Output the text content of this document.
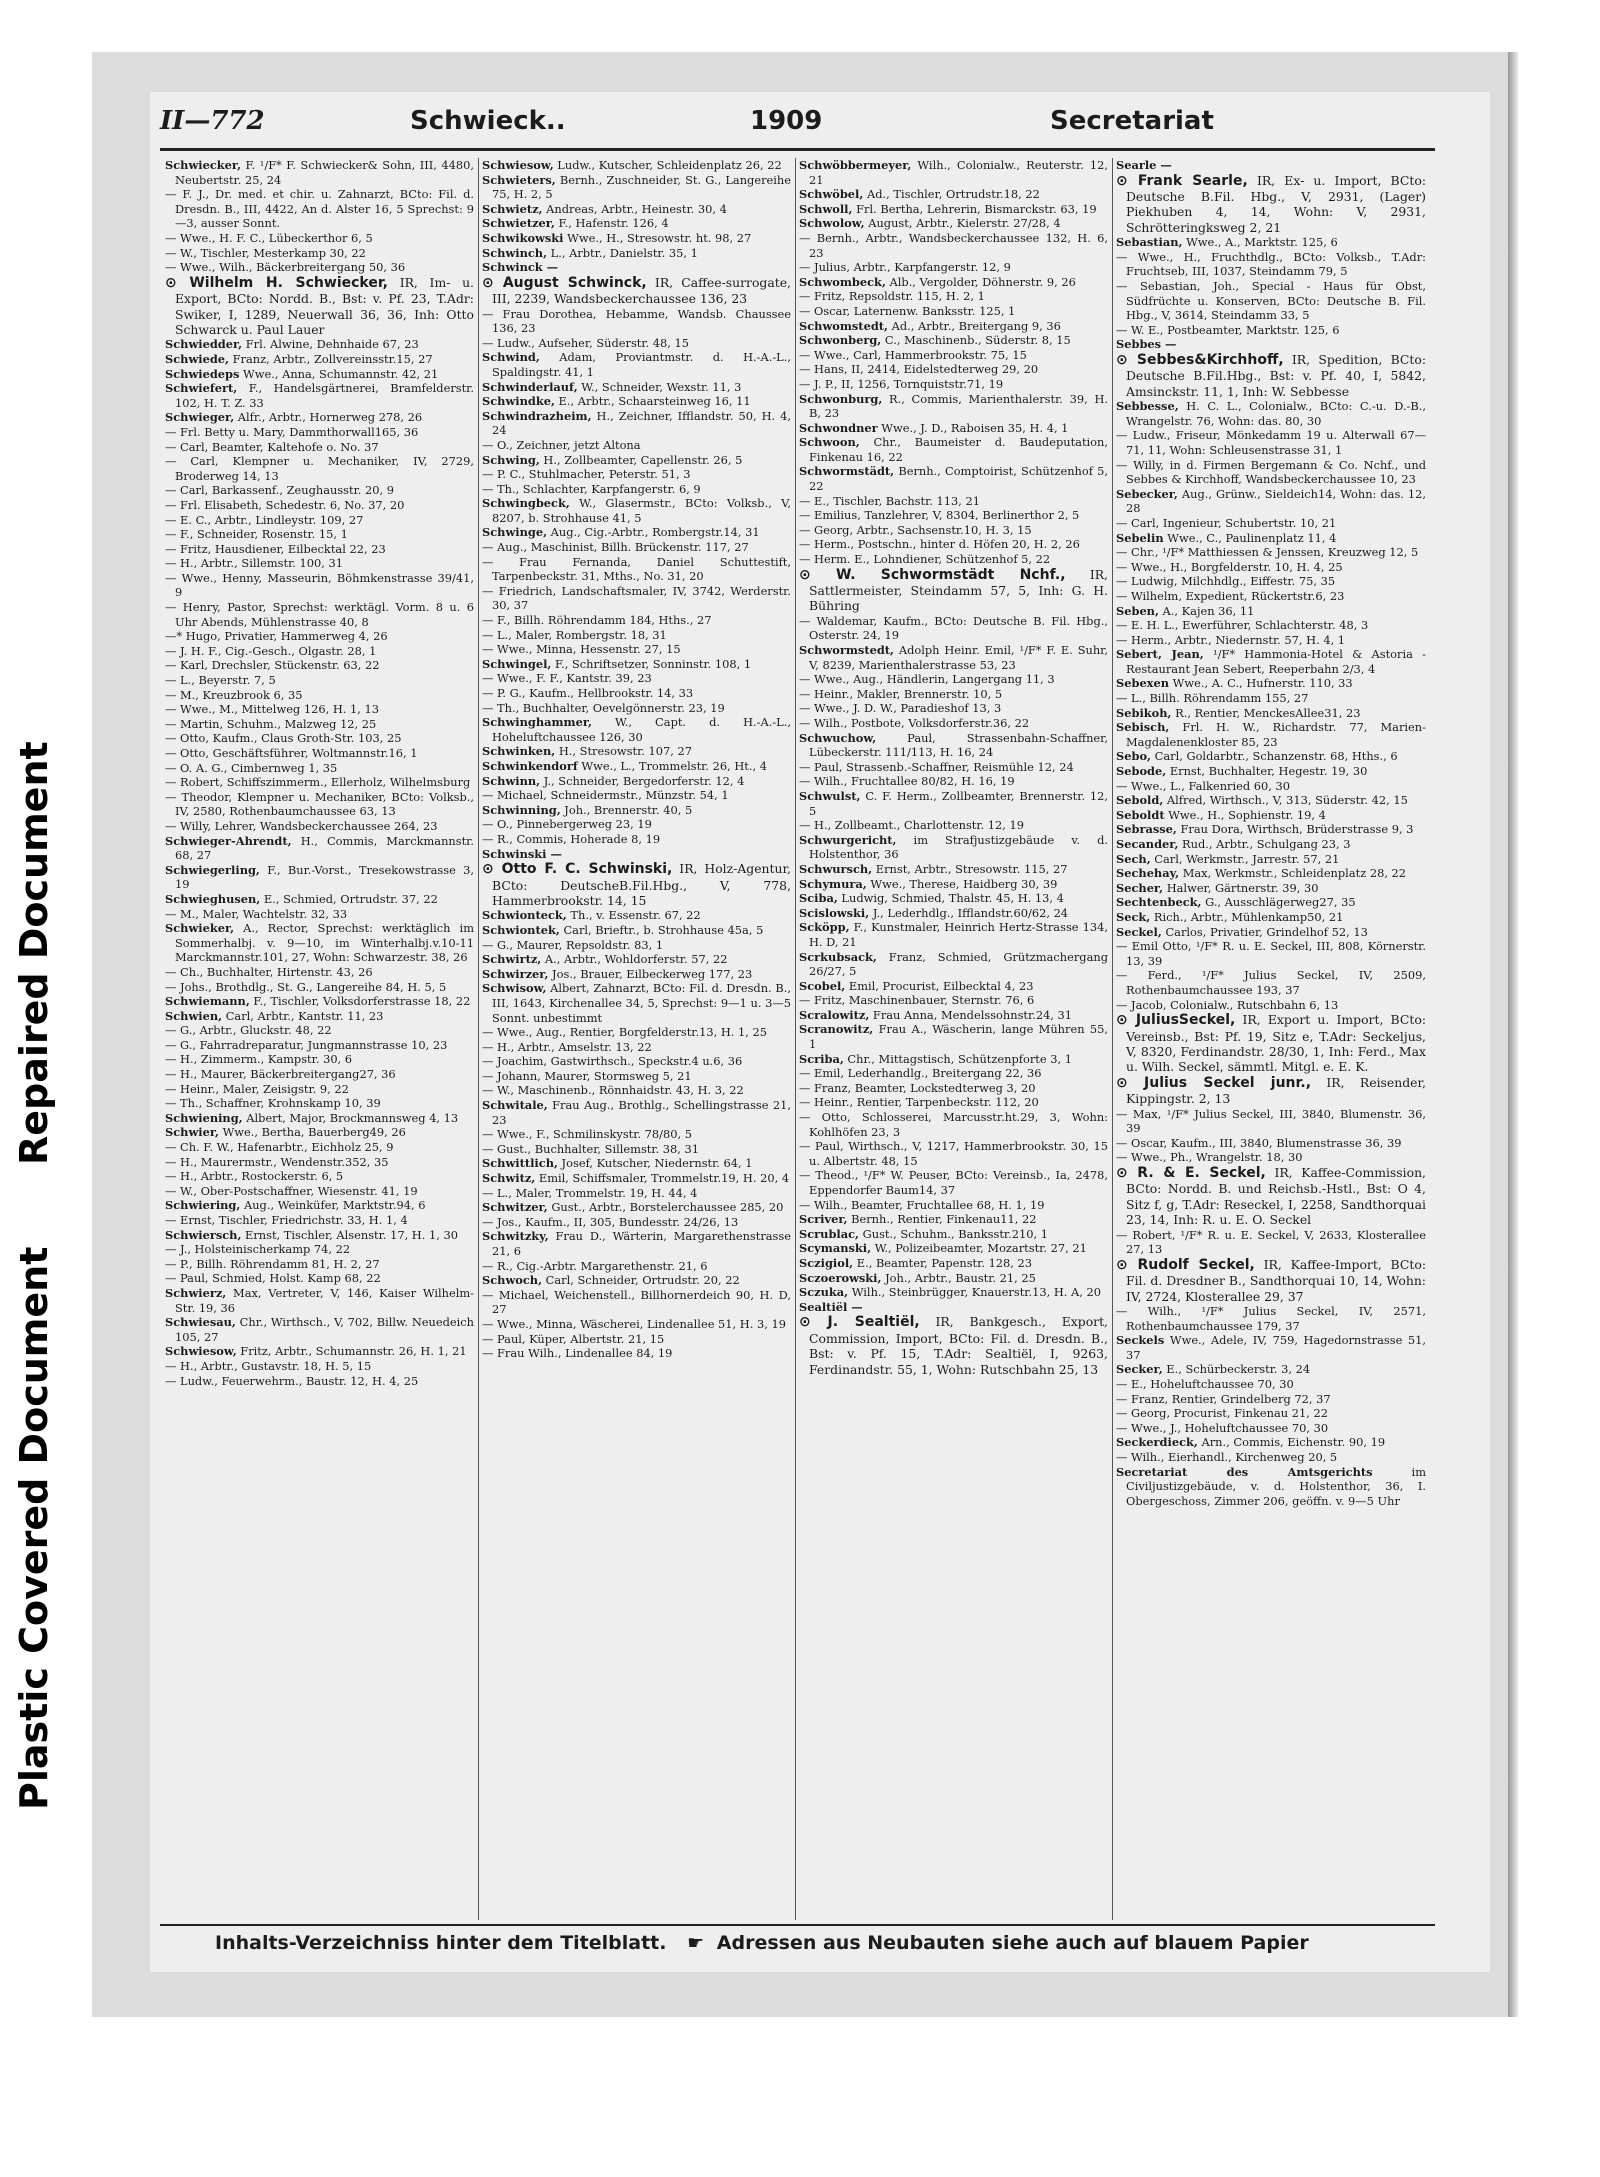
Repaired Document
Plastic Covered Document
II—772	Schwieck..	1909	Secretariat

Schwiecker, F. ¹/F* F. Schwiecker& Sohn, III, 4480, Neubertstr. 25, 24

— F. J., Dr. med. et chir. u. Zahnarzt, BCto: Fil. d. Dresdn. B., III, 4422, An d. Alster 16, 5 Sprechst: 9—3, ausser Sonnt.

— Wwe., H. F. C., Lübeckerthor 6, 5

— W., Tischler, Mesterkamp 30, 22

— Wwe., Wilh., Bäckerbreitergang 50, 36

⊙ Wilhelm H. Schwiecker, IR, Im- u. Export, BCto: Nordd. B., Bst: v. Pf. 23, T.Adr: Swiker, I, 1289, Neuerwall 36, 36, Inh: Otto Schwarck u. Paul Lauer

Schwiedder, Frl. Alwine, Dehnhaide 67, 23

Schwiede, Franz, Arbtr., Zollvereinsstr.15, 27

Schwiedeps Wwe., Anna, Schumannstr. 42, 21

Schwiefert, F., Handelsgärtnerei, Bramfelderstr. 102, H. T. Z. 33

Schwieger, Alfr., Arbtr., Hornerweg 278, 26

— Frl. Betty u. Mary, Dammthorwall165, 36

— Carl, Beamter, Kaltehofe o. No. 37

— Carl, Klempner u. Mechaniker, IV, 2729, Broderweg 14, 13

— Carl, Barkassenf., Zeughausstr. 20, 9

— Frl. Elisabeth, Schedestr. 6, No. 37, 20

— E. C., Arbtr., Lindleystr. 109, 27

— F., Schneider, Rosenstr. 15, 1

— Fritz, Hausdiener, Eilbecktal 22, 23

— H., Arbtr., Sillemstr. 100, 31

— Wwe., Henny, Masseurin, Böhmkenstrasse 39/41, 9

— Henry, Pastor, Sprechst: werktägl. Vorm. 8 u. 6 Uhr Abends, Mühlenstrasse 40, 8

—* Hugo, Privatier, Hammerweg 4, 26

— J. H. F., Cig.-Gesch., Olgastr. 28, 1

— Karl, Drechsler, Stückenstr. 63, 22

— L., Beyerstr. 7, 5

— M., Kreuzbrook 6, 35

— Wwe., M., Mittelweg 126, H. 1, 13

— Martin, Schuhm., Malzweg 12, 25

— Otto, Kaufm., Claus Groth-Str. 103, 25

— Otto, Geschäftsführer, Woltmannstr.16, 1

— O. A. G., Cimbernweg 1, 35

— Robert, Schiffszimmerm., Ellerholz, Wilhelmsburg

— Theodor, Klempner u. Mechaniker, BCto: Volksb., IV, 2580, Rothenbaumchaussee 63, 13

— Willy, Lehrer, Wandsbeckerchaussee 264, 23

Schwieger-Ahrendt, H., Commis, Marckmannstr. 68, 27

Schwiegerling, F., Bur.-Vorst., Tresekowstrasse 3, 19

Schwieghusen, E., Schmied, Ortrudstr. 37, 22

— M., Maler, Wachtelstr. 32, 33

Schwieker, A., Rector, Sprechst: werktäglich im Sommerhalbj. v. 9—10, im Winterhalbj.v.10-11 Marckmannstr.101, 27, Wohn: Schwarzestr. 38, 26

— Ch., Buchhalter, Hirtenstr. 43, 26

— Johs., Brothdlg., St. G., Langereihe 84, H. 5, 5

Schwiemann, F., Tischler, Volksdorferstrasse 18, 22

Schwien, Carl, Arbtr., Kantstr. 11, 23

— G., Arbtr., Gluckstr. 48, 22

— G., Fahrradreparatur, Jungmannstrasse 10, 23

— H., Zimmerm., Kampstr. 30, 6

— H., Maurer, Bäckerbreitergang27, 36

— Heinr., Maler, Zeisigstr. 9, 22

— Th., Schaffner, Krohnskamp 10, 39

Schwiening, Albert, Major, Brockmannsweg 4, 13

Schwier, Wwe., Bertha, Bauerberg49, 26

— Ch. F. W., Hafenarbtr., Eichholz 25, 9

— H., Maurermstr., Wendenstr.352, 35

— H., Arbtr., Rostockerstr. 6, 5

— W., Ober-Postschaffner, Wiesenstr. 41, 19

Schwiering, Aug., Weinküfer, Marktstr.94, 6

— Ernst, Tischler, Friedrichstr. 33, H. 1, 4

Schwiersch, Ernst, Tischler, Alsenstr. 17, H. 1, 30

— J., Holsteinischerkamp 74, 22

— P., Billh. Röhrendamm 81, H. 2, 27

— Paul, Schmied, Holst. Kamp 68, 22

Schwierz, Max, Vertreter, V, 146, Kaiser Wilhelm-Str. 19, 36

Schwiesau, Chr., Wirthsch., V, 702, Billw. Neuedeich 105, 27

Schwiesow, Fritz, Arbtr., Schumannstr. 26, H. 1, 21

— H., Arbtr., Gustavstr. 18, H. 5, 15

— Ludw., Feuerwehrm., Baustr. 12, H. 4, 25

Schwiesow, Ludw., Kutscher, Schleidenplatz 26, 22

Schwieters, Bernh., Zuschneider, St. G., Langereihe 75, H. 2, 5

Schwietz, Andreas, Arbtr., Heinestr. 30, 4

Schwietzer, F., Hafenstr. 126, 4

Schwikowski Wwe., H., Stresowstr. ht. 98, 27

Schwinch, L., Arbtr., Danielstr. 35, 1

Schwinck —

⊙ August Schwinck, IR, Caffee-surrogate, III, 2239, Wandsbeckerchaussee 136, 23

— Frau Dorothea, Hebamme, Wandsb. Chaussee 136, 23

— Ludw., Aufseher, Süderstr. 48, 15

Schwind, Adam, Proviantmstr. d. H.-A.-L., Spaldingstr. 41, 1

Schwinderlauf, W., Schneider, Wexstr. 11, 3

Schwindke, E., Arbtr., Schaarsteinweg 16, 11

Schwindrazheim, H., Zeichner, Ifflandstr. 50, H. 4, 24

— O., Zeichner, jetzt Altona

Schwing, H., Zollbeamter, Capellenstr. 26, 5

— P. C., Stuhlmacher, Peterstr. 51, 3

— Th., Schlachter, Karpfangerstr. 6, 9

Schwingbeck, W., Glasermstr., BCto: Volksb., V, 8207, b. Strohhause 41, 5

Schwinge, Aug., Cig.-Arbtr., Rombergstr.14, 31

— Aug., Maschinist, Billh. Brückenstr. 117, 27

— Frau Fernanda, Daniel Schuttestift, Tarpenbeckstr. 31, Mths., No. 31, 20

— Friedrich, Landschaftsmaler, IV, 3742, Werderstr. 30, 37

— F., Billh. Röhrendamm 184, Hths., 27

— L., Maler, Rombergstr. 18, 31

— Wwe., Minna, Hessenstr. 27, 15

Schwingel, F., Schriftsetzer, Sonninstr. 108, 1

— Wwe., F. F., Kantstr. 39, 23

— P. G., Kaufm., Hellbrookstr. 14, 33

— Th., Buchhalter, Oevelgönnerstr. 23, 19

Schwinghammer, W., Capt. d. H.-A.-L., Hoheluftchaussee 126, 30

Schwinken, H., Stresowstr. 107, 27

Schwinkendorf Wwe., L., Trommelstr. 26, Ht., 4

Schwinn, J., Schneider, Bergedorferstr. 12, 4

— Michael, Schneidermstr., Münzstr. 54, 1

Schwinning, Joh., Brennerstr. 40, 5

— O., Pinnebergerweg 23, 19

— R., Commis, Hoherade 8, 19

Schwinski —

⊙ Otto F. C. Schwinski, IR, Holz-Agentur, BCto: DeutscheB.Fil.Hbg., V, 778, Hammerbrookstr. 14, 15

Schwionteck, Th., v. Essenstr. 67, 22

Schwiontek, Carl, Brieftr., b. Strohhause 45a, 5

— G., Maurer, Repsoldstr. 83, 1

Schwirtz, A., Arbtr., Wohldorferstr. 57, 22

Schwirzer, Jos., Brauer, Eilbeckerweg 177, 23

Schwisow, Albert, Zahnarzt, BCto: Fil. d. Dresdn. B., III, 1643, Kirchenallee 34, 5, Sprechst: 9—1 u. 3—5 Sonnt. unbestimmt

— Wwe., Aug., Rentier, Borgfelderstr.13, H. 1, 25

— H., Arbtr., Amselstr. 13, 22

— Joachim, Gastwirthsch., Speckstr.4 u.6, 36

— Johann, Maurer, Stormsweg 5, 21

— W., Maschinenb., Rönnhaidstr. 43, H. 3, 22

Schwitale, Frau Aug., Brothlg., Schellingstrasse 21, 23

— Wwe., F., Schmilinskystr. 78/80, 5

— Gust., Buchhalter, Sillemstr. 38, 31

Schwittlich, Josef, Kutscher, Niedernstr. 64, 1

Schwitz, Emil, Schiffsmaler, Trommelstr.19, H. 20, 4

— L., Maler, Trommelstr. 19, H. 44, 4

Schwitzer, Gust., Arbtr., Borstelerchaussee 285, 20

— Jos., Kaufm., II, 305, Bundesstr. 24/26, 13

Schwitzky, Frau D., Wärterin, Margarethenstrasse 21, 6

— R., Cig.-Arbtr. Margarethenstr. 21, 6

Schwoch, Carl, Schneider, Ortrudstr. 20, 22

— Michael, Weichenstell., Billhornerdeich 90, H. D, 27

— Wwe., Minna, Wäscherei, Lindenallee 51, H. 3, 19

— Paul, Küper, Albertstr. 21, 15

— Frau Wilh., Lindenallee 84, 19

Schwöbbermeyer, Wilh., Colonialw., Reuterstr. 12, 21

Schwöbel, Ad., Tischler, Ortrudstr.18, 22

Schwoll, Frl. Bertha, Lehrerin, Bismarckstr. 63, 19

Schwolow, August, Arbtr., Kielerstr. 27/28, 4

— Bernh., Arbtr., Wandsbeckerchaussee 132, H. 6, 23

— Julius, Arbtr., Karpfangerstr. 12, 9

Schwombeck, Alb., Vergolder, Döhnerstr. 9, 26

— Fritz, Repsoldstr. 115, H. 2, 1

— Oscar, Laternenw. Banksstr. 125, 1

Schwomstedt, Ad., Arbtr., Breitergang 9, 36

Schwonberg, C., Maschinenb., Süderstr. 8, 15

— Wwe., Carl, Hammerbrookstr. 75, 15

— Hans, II, 2414, Eidelstedterweg 29, 20

— J. P., II, 1256, Tornquiststr.71, 19

Schwonburg, R., Commis, Marienthalerstr. 39, H. B, 23

Schwondner Wwe., J. D., Raboisen 35, H. 4, 1

Schwoon, Chr., Baumeister d. Baudeputation, Finkenau 16, 22

Schwormstädt, Bernh., Comptoirist, Schützenhof 5, 22

— E., Tischler, Bachstr. 113, 21

— Emilius, Tanzlehrer, V, 8304, Berlinerthor 2, 5

— Georg, Arbtr., Sachsenstr.10, H. 3, 15

— Herm., Postschn., hinter d. Höfen 20, H. 2, 26

— Herm. E., Lohndiener, Schützenhof 5, 22

⊙ W. Schwormstädt Nchf., IR, Sattlermeister, Steindamm 57, 5, Inh: G. H. Bühring

— Waldemar, Kaufm., BCto: Deutsche B. Fil. Hbg., Osterstr. 24, 19

Schwormstedt, Adolph Heinr. Emil, ¹/F* F. E. Suhr, V, 8239, Marienthalerstrasse 53, 23

— Wwe., Aug., Händlerin, Langergang 11, 3

— Heinr., Makler, Brennerstr. 10, 5

— Wwe., J. D. W., Paradieshof 13, 3

— Wilh., Postbote, Volksdorferstr.36, 22

Schwuchow, Paul, Strassenbahn-Schaffner, Lübeckerstr. 111/113, H. 16, 24

— Paul, Strassenb.-Schaffner, Reismühle 12, 24

— Wilh., Fruchtallee 80/82, H. 16, 19

Schwulst, C. F. Herm., Zollbeamter, Brennerstr. 12, 5

— H., Zollbeamt., Charlottenstr. 12, 19

Schwurgericht, im Strafjustizgebäude v. d. Holstenthor, 36

Schwursch, Ernst, Arbtr., Stresowstr. 115, 27

Schymura, Wwe., Therese, Haidberg 30, 39

Sciba, Ludwig, Schmied, Thalstr. 45, H. 13, 4

Scislowski, J., Lederhdlg., Ifflandstr.60/62, 24

Scköpp, F., Kunstmaler, Heinrich Hertz-Strasse 134, H. D, 21

Scrkubsack, Franz, Schmied, Grützmachergang 26/27, 5

Scobel, Emil, Procurist, Eilbecktal 4, 23

— Fritz, Maschinenbauer, Sternstr. 76, 6

Scralowitz, Frau Anna, Mendelssohnstr.24, 31

Scranowitz, Frau A., Wäscherin, lange Mühren 55, 1

Scriba, Chr., Mittagstisch, Schützenpforte 3, 1

— Emil, Lederhandlg., Breitergang 22, 36

— Franz, Beamter, Lockstedterweg 3, 20

— Heinr., Rentier, Tarpenbeckstr. 112, 20

— Otto, Schlosserei, Marcusstr.ht.29, 3, Wohn: Kohlhöfen 23, 3

— Paul, Wirthsch., V, 1217, Hammerbrookstr. 30, 15 u. Albertstr. 48, 15

— Theod., ¹/F* W. Peuser, BCto: Vereinsb., Ia, 2478, Eppendorfer Baum14, 37

— Wilh., Beamter, Fruchtallee 68, H. 1, 19

Scriver, Bernh., Rentier, Finkenau11, 22

Scrublac, Gust., Schuhm., Banksstr.210, 1

Scymanski, W., Polizeibeamter, Mozartstr. 27, 21

Sczigiol, E., Beamter, Papenstr. 128, 23

Sczoerowski, Joh., Arbtr., Baustr. 21, 25

Sczuka, Wilh., Steinbrügger, Knauerstr.13, H. A, 20

Sealtiël —

⊙ J. Sealtiël, IR, Bankgesch., Export, Commission, Import, BCto: Fil. d. Dresdn. B., Bst: v. Pf. 15, T.Adr: Sealtiël, I, 9263, Ferdinandstr. 55, 1, Wohn: Rutschbahn 25, 13

Searle —

⊙ Frank Searle, IR, Ex- u. Import, BCto: Deutsche B.Fil. Hbg., V, 2931, (Lager) Piekhuben 4, 14, Wohn: V, 2931, Schrötteringksweg 2, 21

Sebastian, Wwe., A., Marktstr. 125, 6

— Wwe., H., Fruchthdlg., BCto: Volksb., T.Adr: Fruchtseb, III, 1037, Steindamm 79, 5

— Sebastian, Joh., Special - Haus für Obst, Südfrüchte u. Konserven, BCto: Deutsche B. Fil. Hbg., V, 3614, Steindamm 33, 5

— W. E., Postbeamter, Marktstr. 125, 6

Sebbes —

⊙ Sebbes&Kirchhoff, IR, Spedition, BCto: Deutsche B.Fil.Hbg., Bst: v. Pf. 40, I, 5842, Amsinckstr. 11, 1, Inh: W. Sebbesse

Sebbesse, H. C. L., Colonialw., BCto: C.-u. D.-B., Wrangelstr. 76, Wohn: das. 80, 30

— Ludw., Friseur, Mönkedamm 19 u. Alterwall 67—71, 11, Wohn: Schleusenstrasse 31, 1

— Willy, in d. Firmen Bergemann & Co. Nchf., und Sebbes & Kirchhoff, Wandsbeckerchaussee 10, 23

Sebecker, Aug., Grünw., Sieldeich14, Wohn: das. 12, 28

— Carl, Ingenieur, Schubertstr. 10, 21

Sebelin Wwe., C., Paulinenplatz 11, 4

— Chr., ¹/F* Matthiessen & Jenssen, Kreuzweg 12, 5

— Wwe., H., Borgfelderstr. 10, H. 4, 25

— Ludwig, Milchhdlg., Eiffestr. 75, 35

— Wilhelm, Expedient, Rückertstr.6, 23

Seben, A., Kajen 36, 11

— E. H. L., Ewerführer, Schlachterstr. 48, 3

— Herm., Arbtr., Niedernstr. 57, H. 4, 1

Sebert, Jean, ¹/F* Hammonia-Hotel & Astoria - Restaurant Jean Sebert, Reeperbahn 2/3, 4

Sebexen Wwe., A. C., Hufnerstr. 110, 33

— L., Billh. Röhrendamm 155, 27

Sebikoh, R., Rentier, MenckesAllee31, 23

Sebisch, Frl. H. W., Richardstr. 77, Marien-Magdalenenkloster 85, 23

Sebo, Carl, Goldarbtr., Schanzenstr. 68, Hths., 6

Sebode, Ernst, Buchhalter, Hegestr. 19, 30

— Wwe., L., Falkenried 60, 30

Sebold, Alfred, Wirthsch., V, 313, Süderstr. 42, 15

Seboldt Wwe., H., Sophienstr. 19, 4

Sebrasse, Frau Dora, Wirthsch, Brüderstrasse 9, 3

Secander, Rud., Arbtr., Schulgang 23, 3

Sech, Carl, Werkmstr., Jarrestr. 57, 21

Sechehay, Max, Werkmstr., Schleidenplatz 28, 22

Secher, Halwer, Gärtnerstr. 39, 30

Sechtenbeck, G., Ausschlägerweg27, 35

Seck, Rich., Arbtr., Mühlenkamp50, 21

Seckel, Carlos, Privatier, Grindelhof 52, 13

— Emil Otto, ¹/F* R. u. E. Seckel, III, 808, Körnerstr. 13, 39

— Ferd., ¹/F* Julius Seckel, IV, 2509, Rothenbaumchaussee 193, 37

— Jacob, Colonialw., Rutschbahn 6, 13

⊙ JuliusSeckel, IR, Export u. Import, BCto: Vereinsb., Bst: Pf. 19, Sitz e, T.Adr: Seckeljus, V, 8320, Ferdinandstr. 28/30, 1, Inh: Ferd., Max u. Wilh. Seckel, sämmtl. Mitgl. e. E. K.

⊙ Julius Seckel junr., IR, Reisender, Kippingstr. 2, 13

— Max, ¹/F* Julius Seckel, III, 3840, Blumenstr. 36, 39

— Oscar, Kaufm., III, 3840, Blumenstrasse 36, 39

— Wwe., Ph., Wrangelstr. 18, 30

⊙ R. & E. Seckel, IR, Kaffee-Commission, BCto: Nordd. B. und Reichsb.-Hstl., Bst: O 4, Sitz f, g, T.Adr: Reseckel, I, 2258, Sandthorquai 23, 14, Inh: R. u. E. O. Seckel

— Robert, ¹/F* R. u. E. Seckel, V, 2633, Klosterallee 27, 13

⊙ Rudolf Seckel, IR, Kaffee-Import, BCto: Fil. d. Dresdner B., Sandthorquai 10, 14, Wohn: IV, 2724, Klosterallee 29, 37

— Wilh., ¹/F* Julius Seckel, IV, 2571, Rothenbaumchaussee 179, 37

Seckels Wwe., Adele, IV, 759, Hagedornstrasse 51, 37

Secker, E., Schürbeckerstr. 3, 24

— E., Hoheluftchaussee 70, 30

— Franz, Rentier, Grindelberg 72, 37

— Georg, Procurist, Finkenau 21, 22

— Wwe., J., Hoheluftchaussee 70, 30

Seckerdieck, Arn., Commis, Eichenstr. 90, 19

— Wilh., Eierhandl., Kirchenweg 20, 5

Secretariat des Amtsgerichts im Civiljustizgebäude, v. d. Holstenthor, 36, I. Obergeschoss, Zimmer 206, geöffn. v. 9—5 Uhr

Inhalts-Verzeichniss hinter dem Titelblatt. ☛ Adressen aus Neubauten siehe auch auf blauem Papier
